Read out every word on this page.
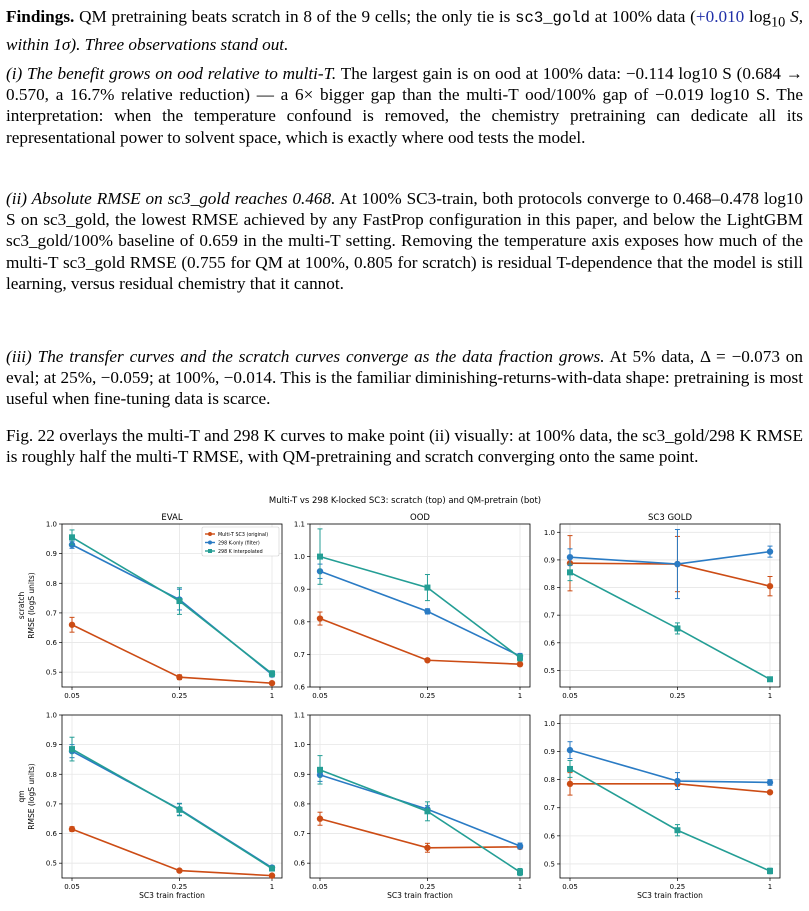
Findings. QM pretraining beats scratch in 8 of the 9 cells; the only tie is sc3_gold at 100% data (+0.010 $\log_{10} S$, within 1σ). Three observations stand out.

(i) The benefit grows on ood relative to multi-T. The largest gain is on ood at 100% data: −0.114 log10 S (0.684 → 0.570, a 16.7% relative reduction) — a 6× bigger gap than the multi-T ood/100% gap of −0.019 log10 S. The interpretation: when the temperature confound is removed, the chemistry pretraining can dedicate all its representational power to solvent space, which is exactly where ood tests the model.

(ii) Absolute RMSE on sc3_gold reaches 0.468. At 100% SC3-train, both protocols converge to 0.468–0.478 log10 S on sc3_gold, the lowest RMSE achieved by any FastProp configuration in this paper, and below the LightGBM sc3_gold/100% baseline of 0.659 in the multi-T setting. Removing the temperature axis exposes how much of the multi-T sc3_gold RMSE (0.755 for QM at 100%, 0.805 for scratch) is residual T-dependence that the model is still learning, versus residual chemistry that it cannot.

(iii) The transfer curves and the scratch curves converge as the data fraction grows. At 5% data, Δ = −0.073 on eval; at 25%, −0.059; at 100%, −0.014. This is the familiar diminishing-returns-with-data shape: pretraining is most useful when fine-tuning data is scarce.

Fig. 22 overlays the multi-T and 298 K curves to make point (ii) visually: at 100% data, the sc3_gold/298 K RMSE is roughly half the multi-T RMSE, with QM-pretraining and scratch converging onto the same point.

Multi-T vs 298 K-locked SC3: scratch (top) and QM-pretrain (bot)
0.5
0.6
0.7
0.8
0.9
1.0
0.05	0.25	1
EVAL
scratch RMSE (logS units)
Multi-T SC3 (original)
298 K-only (filter)
298 K interpolated
0.6
0.7
0.8
0.9
1.0
1.1
0.05	0.25	1
OOD
0.5
0.6
0.7
0.8
0.9
1.0
0.05	0.25	1
SC3 GOLD
0.5
0.6
0.7
0.8
0.9
1.0
0.05	0.25	1
SC3 train fraction
qm RMSE (logS units)
0.6
0.7
0.8
0.9
1.0
1.1
0.05	0.25	1
SC3 train fraction
0.5
0.6
0.7
0.8
0.9
1.0
0.05	0.25	1
SC3 train fraction
